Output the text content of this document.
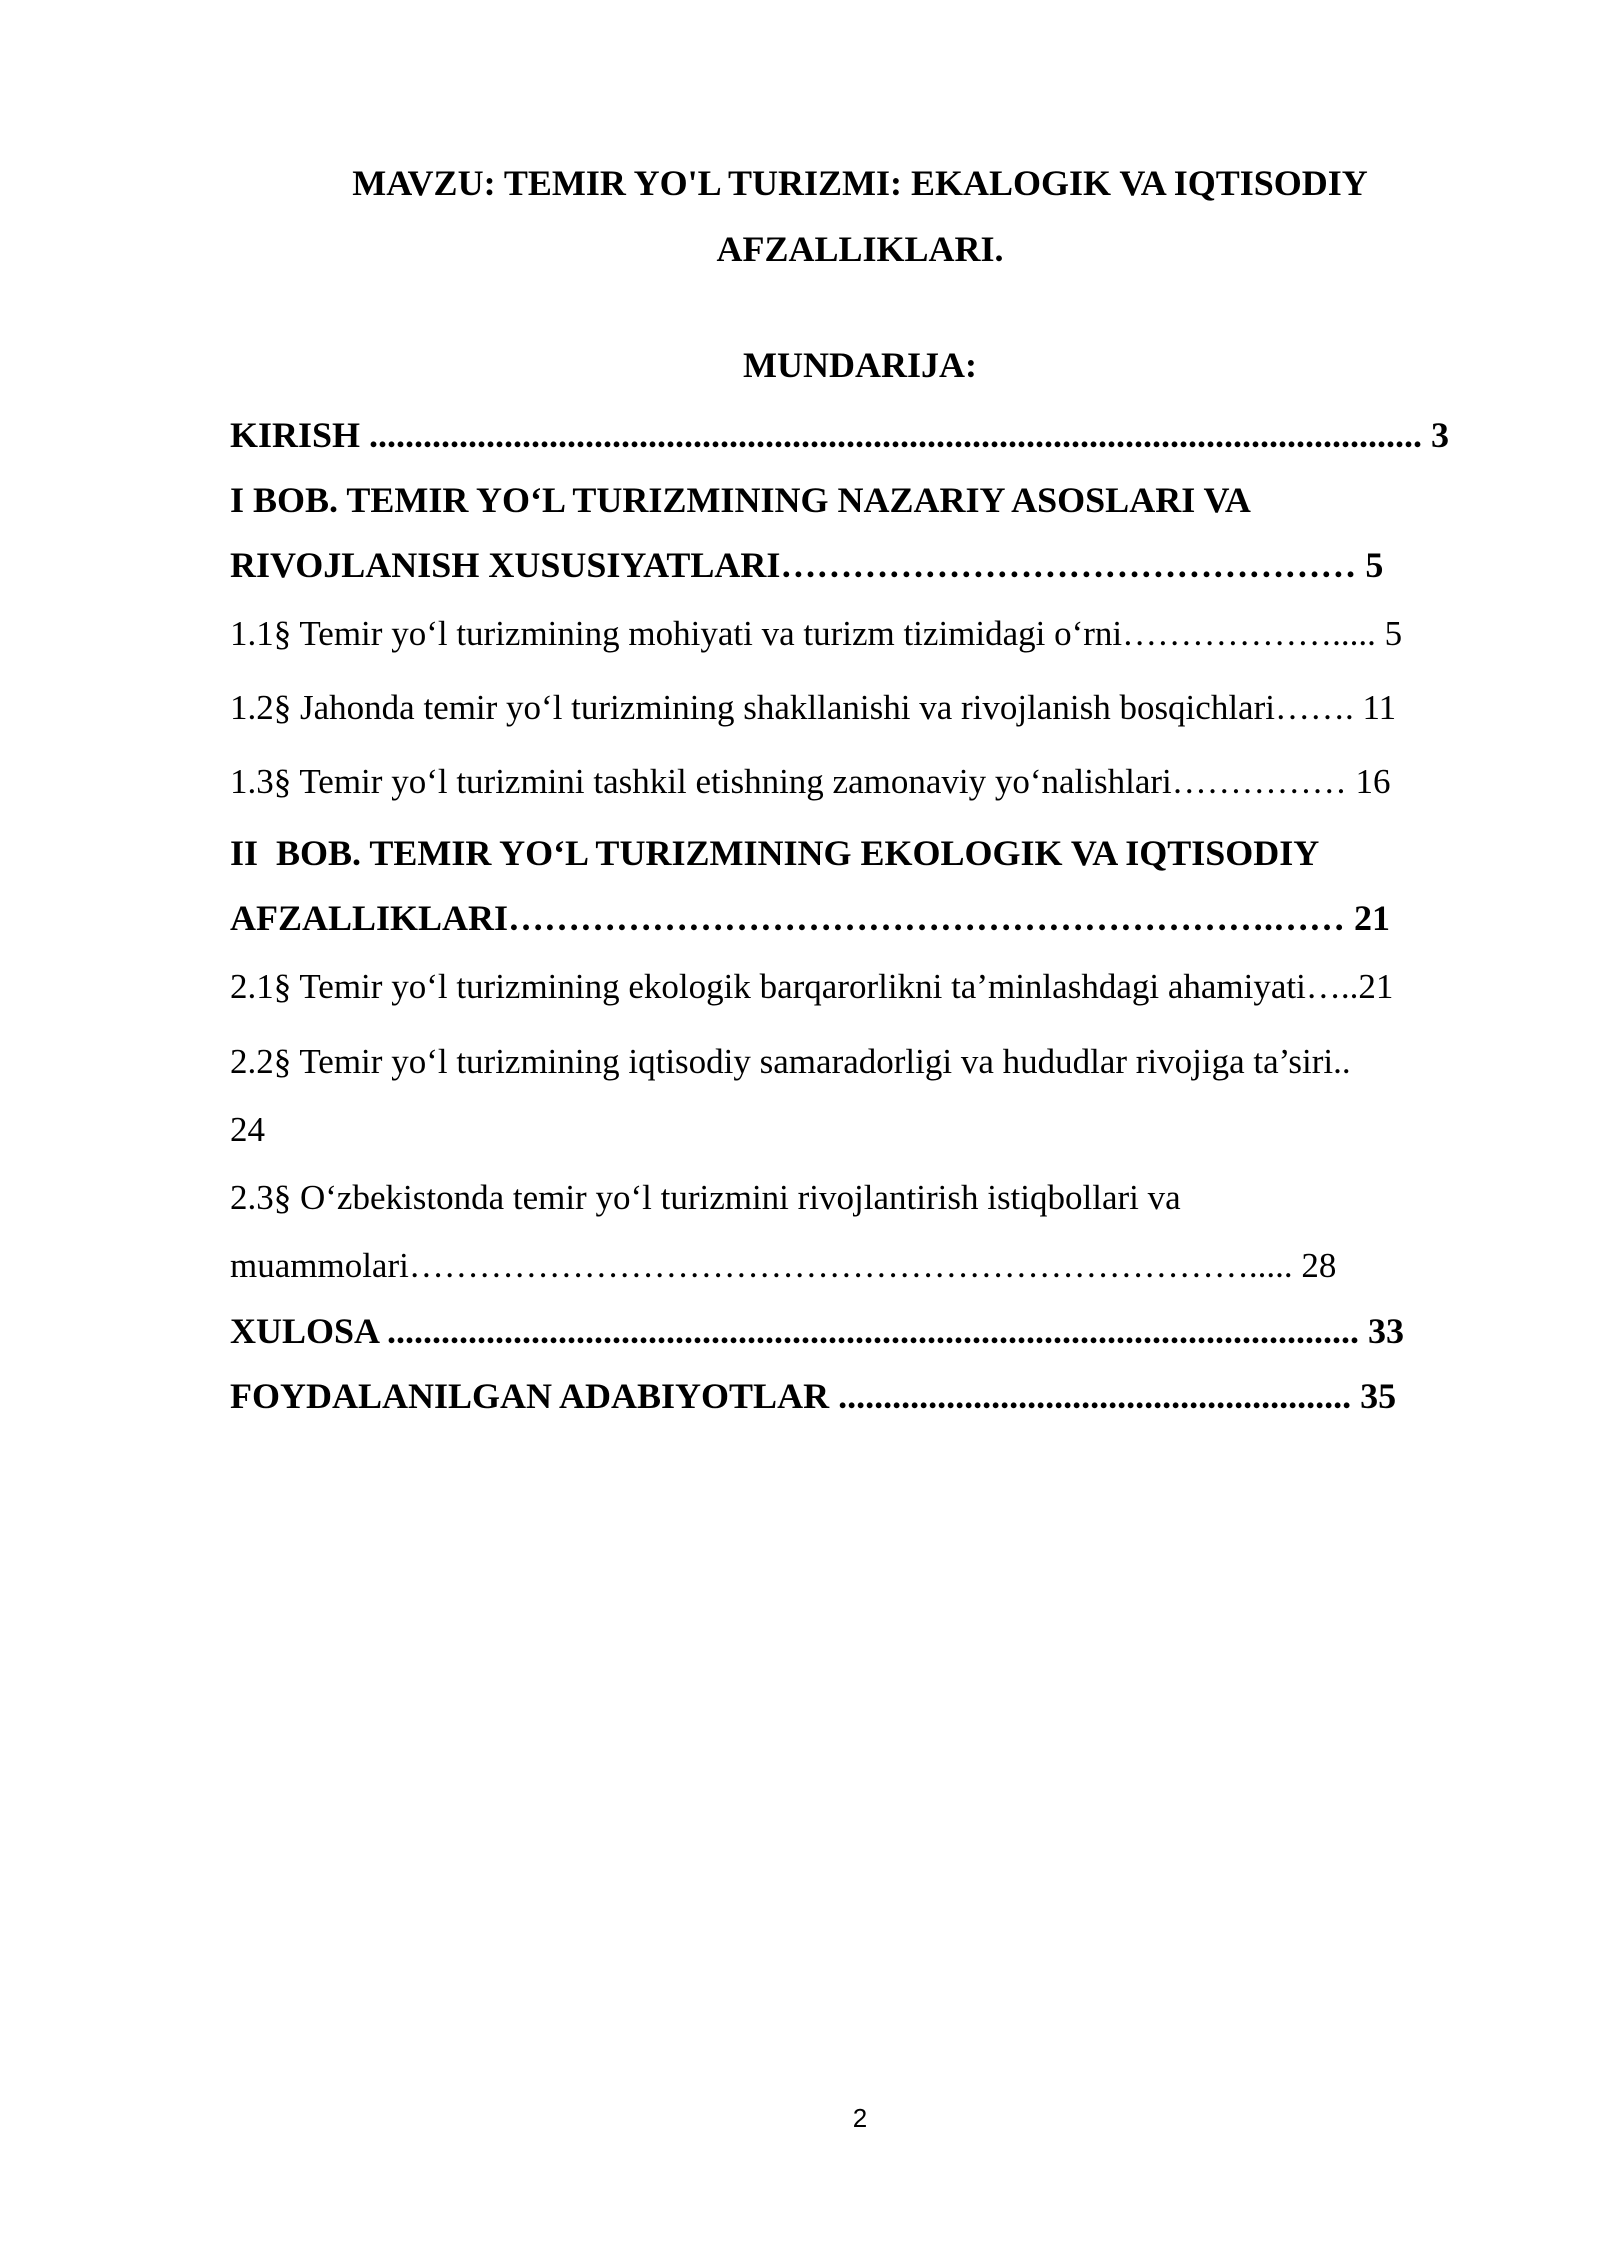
MAVZU: TEMIR YO'L TURIZMI: EKALOGIK VA IQTISODIY
AFZALLIKLARI.
MUNDARIJA:
KIRISH ..................................................................................................................... 3
I BOB. TEMIR YO‘L TURIZMINING NAZARIY ASOSLARI VA
RIVOJLANISH XUSUSIYATLARI………………………………………… 5
1.1§ Temir yo‘l turizmining mohiyati va turizm tizimidagi o‘rni………………..... 5
1.2§ Jahonda temir yo‘l turizmining shakllanishi va rivojlanish bosqichlari……. 11
1.3§ Temir yo‘l turizmini tashkil etishning zamonaviy yo‘nalishlari…………… 16
II  BOB. TEMIR YO‘L TURIZMINING EKOLOGIK VA IQTISODIY
AFZALLIKLARI……………………………………………………….…… 21
2.1§ Temir yo‘l turizmining ekologik barqarorlikni ta’minlashdagi ahamiyati…..21
2.2§ Temir yo‘l turizmining iqtisodiy samaradorligi va hududlar rivojiga ta’siri..
24
2.3§ O‘zbekistonda temir yo‘l turizmini rivojlantirish istiqbollari va
muammolari………………………………………………………………..... 28
XULOSA ............................................................................................................ 33
FOYDALANILGAN ADABIYOTLAR ......................................................... 35
2
